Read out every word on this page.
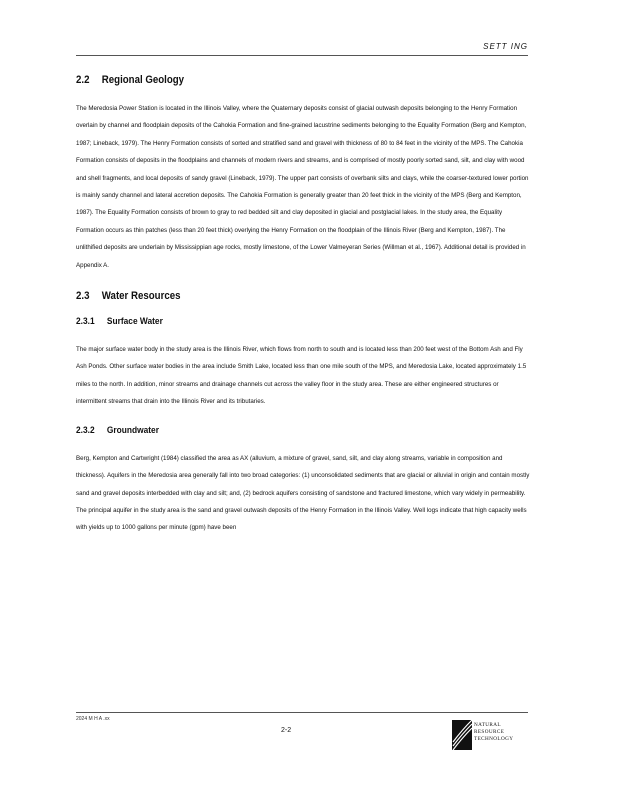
SETT ING
2.2 Regional Geology

The Meredosia Power Station is located in the Illinois Valley, where the Quaternary deposits consist of glacial outwash deposits belonging to the Henry Formation overlain by channel and floodplain deposits of the Cahokia Formation and fine-grained lacustrine sediments belonging to the Equality Formation (Berg and Kempton, 1987; Lineback, 1979). The Henry Formation consists of sorted and stratified sand and gravel with thickness of 80 to 84 feet in the vicinity of the MPS. The Cahokia Formation consists of deposits in the floodplains and channels of modern rivers and streams, and is comprised of mostly poorly sorted sand, silt, and clay with wood and shell fragments, and local deposits of sandy gravel (Lineback, 1979). The upper part consists of overbank silts and clays, while the coarser-textured lower portion is mainly sandy channel and lateral accretion deposits. The Cahokia Formation is generally greater than 20 feet thick in the vicinity of the MPS (Berg and Kempton, 1987). The Equality Formation consists of brown to gray to red bedded silt and clay deposited in glacial and postglacial lakes. In the study area, the Equality Formation occurs as thin patches (less than 20 feet thick) overlying the Henry Formation on the floodplain of the Illinois River (Berg and Kempton, 1987). The unlithified deposits are underlain by Mississippian age rocks, mostly limestone, of the Lower Valmeyeran Series (Willman et al., 1967). Additional detail is provided in Appendix A.

2.3 Water Resources
2.3.1 Surface Water

The major surface water body in the study area is the Illinois River, which flows from north to south and is located less than 200 feet west of the Bottom Ash and Fly Ash Ponds. Other surface water bodies in the area include Smith Lake, located less than one mile south of the MPS, and Meredosia Lake, located approximately 1.5 miles to the north. In addition, minor streams and drainage channels cut across the valley floor in the study area. These are either engineered structures or intermittent streams that drain into the Illinois River and its tributaries.

2.3.2 Groundwater

Berg, Kempton and Cartwright (1984) classified the area as AX (alluvium, a mixture of gravel, sand, silt, and clay along streams, variable in composition and thickness). Aquifers in the Meredosia area generally fall into two broad categories: (1) unconsolidated sediments that are glacial or alluvial in origin and contain mostly sand and gravel deposits interbedded with clay and silt; and, (2) bedrock aquifers consisting of sandstone and fractured limestone, which vary widely in permeability. The principal aquifer in the study area is the sand and gravel outwash deposits of the Henry Formation in the Illinois Valley. Well logs indicate that high capacity wells with yields up to 1000 gallons per minute (gpm) have been

2024 M H A .xx
2-2
NATURAL
RESOURCE
TECHNOLOGY
